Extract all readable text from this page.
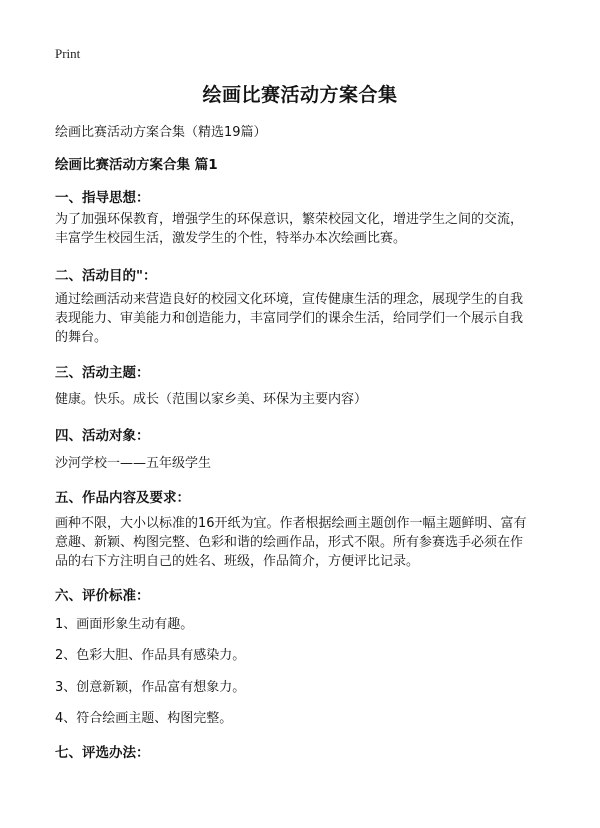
Print
绘画比赛活动方案合集
绘画比赛活动方案合集（精选19篇）
绘画比赛活动方案合集 篇1
一、指导思想：
为了加强环保教育，增强学生的环保意识，繁荣校园文化，增进学生之间的交流，
丰富学生校园生活，激发学生的个性，特举办本次绘画比赛。
二、活动目的"：
通过绘画活动来营造良好的校园文化环境，宣传健康生活的理念，展现学生的自我
表现能力、审美能力和创造能力，丰富同学们的课余生活，给同学们一个展示自我
的舞台。
三、活动主题：
健康。快乐。成长（范围以家乡美、环保为主要内容）
四、活动对象：
沙河学校一——五年级学生
五、作品内容及要求：
画种不限，大小以标准的16开纸为宜。作者根据绘画主题创作一幅主题鲜明、富有
意趣、新颖、构图完整、色彩和谐的绘画作品，形式不限。所有参赛选手必须在作
品的右下方注明自己的姓名、班级，作品简介，方便评比记录。
六、评价标准：
1、画面形象生动有趣。
2、色彩大胆、作品具有感染力。
3、创意新颖，作品富有想象力。
4、符合绘画主题、构图完整。
七、评选办法：
